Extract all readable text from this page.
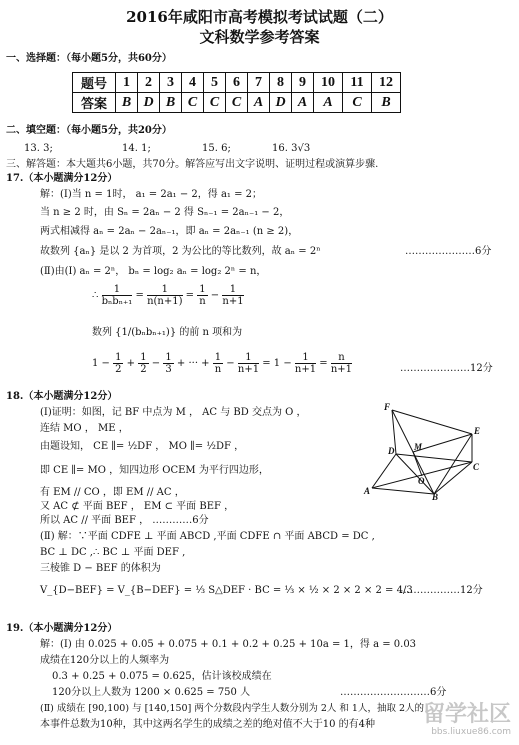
2016年咸阳市高考模拟考试试题（二）
文科数学参考答案
一、选择题：（每小题5分，共60分）
题号	1	2	3	4	5	6	7	8	9	10	11	12
答案	B	D	B	C	C	C	A	D	A	A	C	B
二、填空题：（每小题5分，共20分）
13. 3;	14. 1;	15. 6;	16. 3√3
三、解答题：本大题共6小题，共70分。解答应写出文字说明、证明过程或演算步骤.
17.（本小题满分12分）
解：(Ⅰ)当 n = 1时， a₁ = 2a₁ − 2，得 a₁ = 2；
当 n ≥ 2 时，由 Sₙ = 2aₙ − 2 得 Sₙ₋₁ = 2aₙ₋₁ − 2，
两式相减得 aₙ = 2aₙ − 2aₙ₋₁，即 aₙ = 2aₙ₋₁ (n ≥ 2)，
故数列 {aₙ} 是以 2 为首项，2 为公比的等比数列，故 aₙ = 2ⁿ	…………………6分
(Ⅱ)由(Ⅰ) aₙ = 2ⁿ， bₙ = log₂ aₙ = log₂ 2ⁿ = n，
∴ $\frac{1}{\text{bₙbₙ₊₁}} = \frac{1}{n(n+1)} = \frac{1}{n} - \frac{1}{n+1}$
数列 {1/(bₙbₙ₊₁)} 的前 n 项和为
$1 - \frac{1}{2} + \frac{1}{2} - \frac{1}{3}$ + ··· + $\frac{1}{n} - \frac{1}{n+1} = 1 - \frac{1}{n+1} = \frac{n}{n+1}$	…………………12分
18.（本小题满分12分）
(Ⅰ)证明：如图，记 BF 中点为 M ， AC 与 BD 交点为 O ，
连结 MO ， ME ，
由题设知， CE ∥= ½DF ， MO ∥= ½DF ，
即 CE ∥= MO ，知四边形 OCEM 为平行四边形，
有 EM // CO ，即 EM // AC ，
又 AC ⊄ 平面 BEF ， EM ⊂ 平面 BEF ，
所以 AC // 平面 BEF ， …………6分
(Ⅱ) 解：∵平面 CDFE ⊥ 平面 ABCD ,平面 CDFE ∩ 平面 ABCD = DC ,
BC ⊥ DC ,∴ BC ⊥ 平面 DEF ,
三棱锥 D − BEF 的体积为
V_{D−BEF} = V_{B−DEF} = ⅓ S△DEF · BC = ⅓ × ½ × 2 × 2 × 2 = 4/3
………………12分
F
E
M
D
C
O
A
B
19.（本小题满分12分）
解：(Ⅰ) 由 0.025 + 0.05 + 0.075 + 0.1 + 0.2 + 0.25 + 10a = 1，得 a = 0.03
成绩在120分以上的人频率为
0.3 + 0.25 + 0.075 = 0.625，估计该校成绩在
120分以上人数为 1200 × 0.625 = 750 人	………………………6分
(Ⅱ) 成绩在 [90,100) 与 [140,150] 两个分数段内学生人数分别为 2人 和 1人，抽取 2人的
本事件总数为10种，其中这两名学生的成绩之差的绝对值不大于10 的有4种	留学社区
bbs.liuxue86.com
